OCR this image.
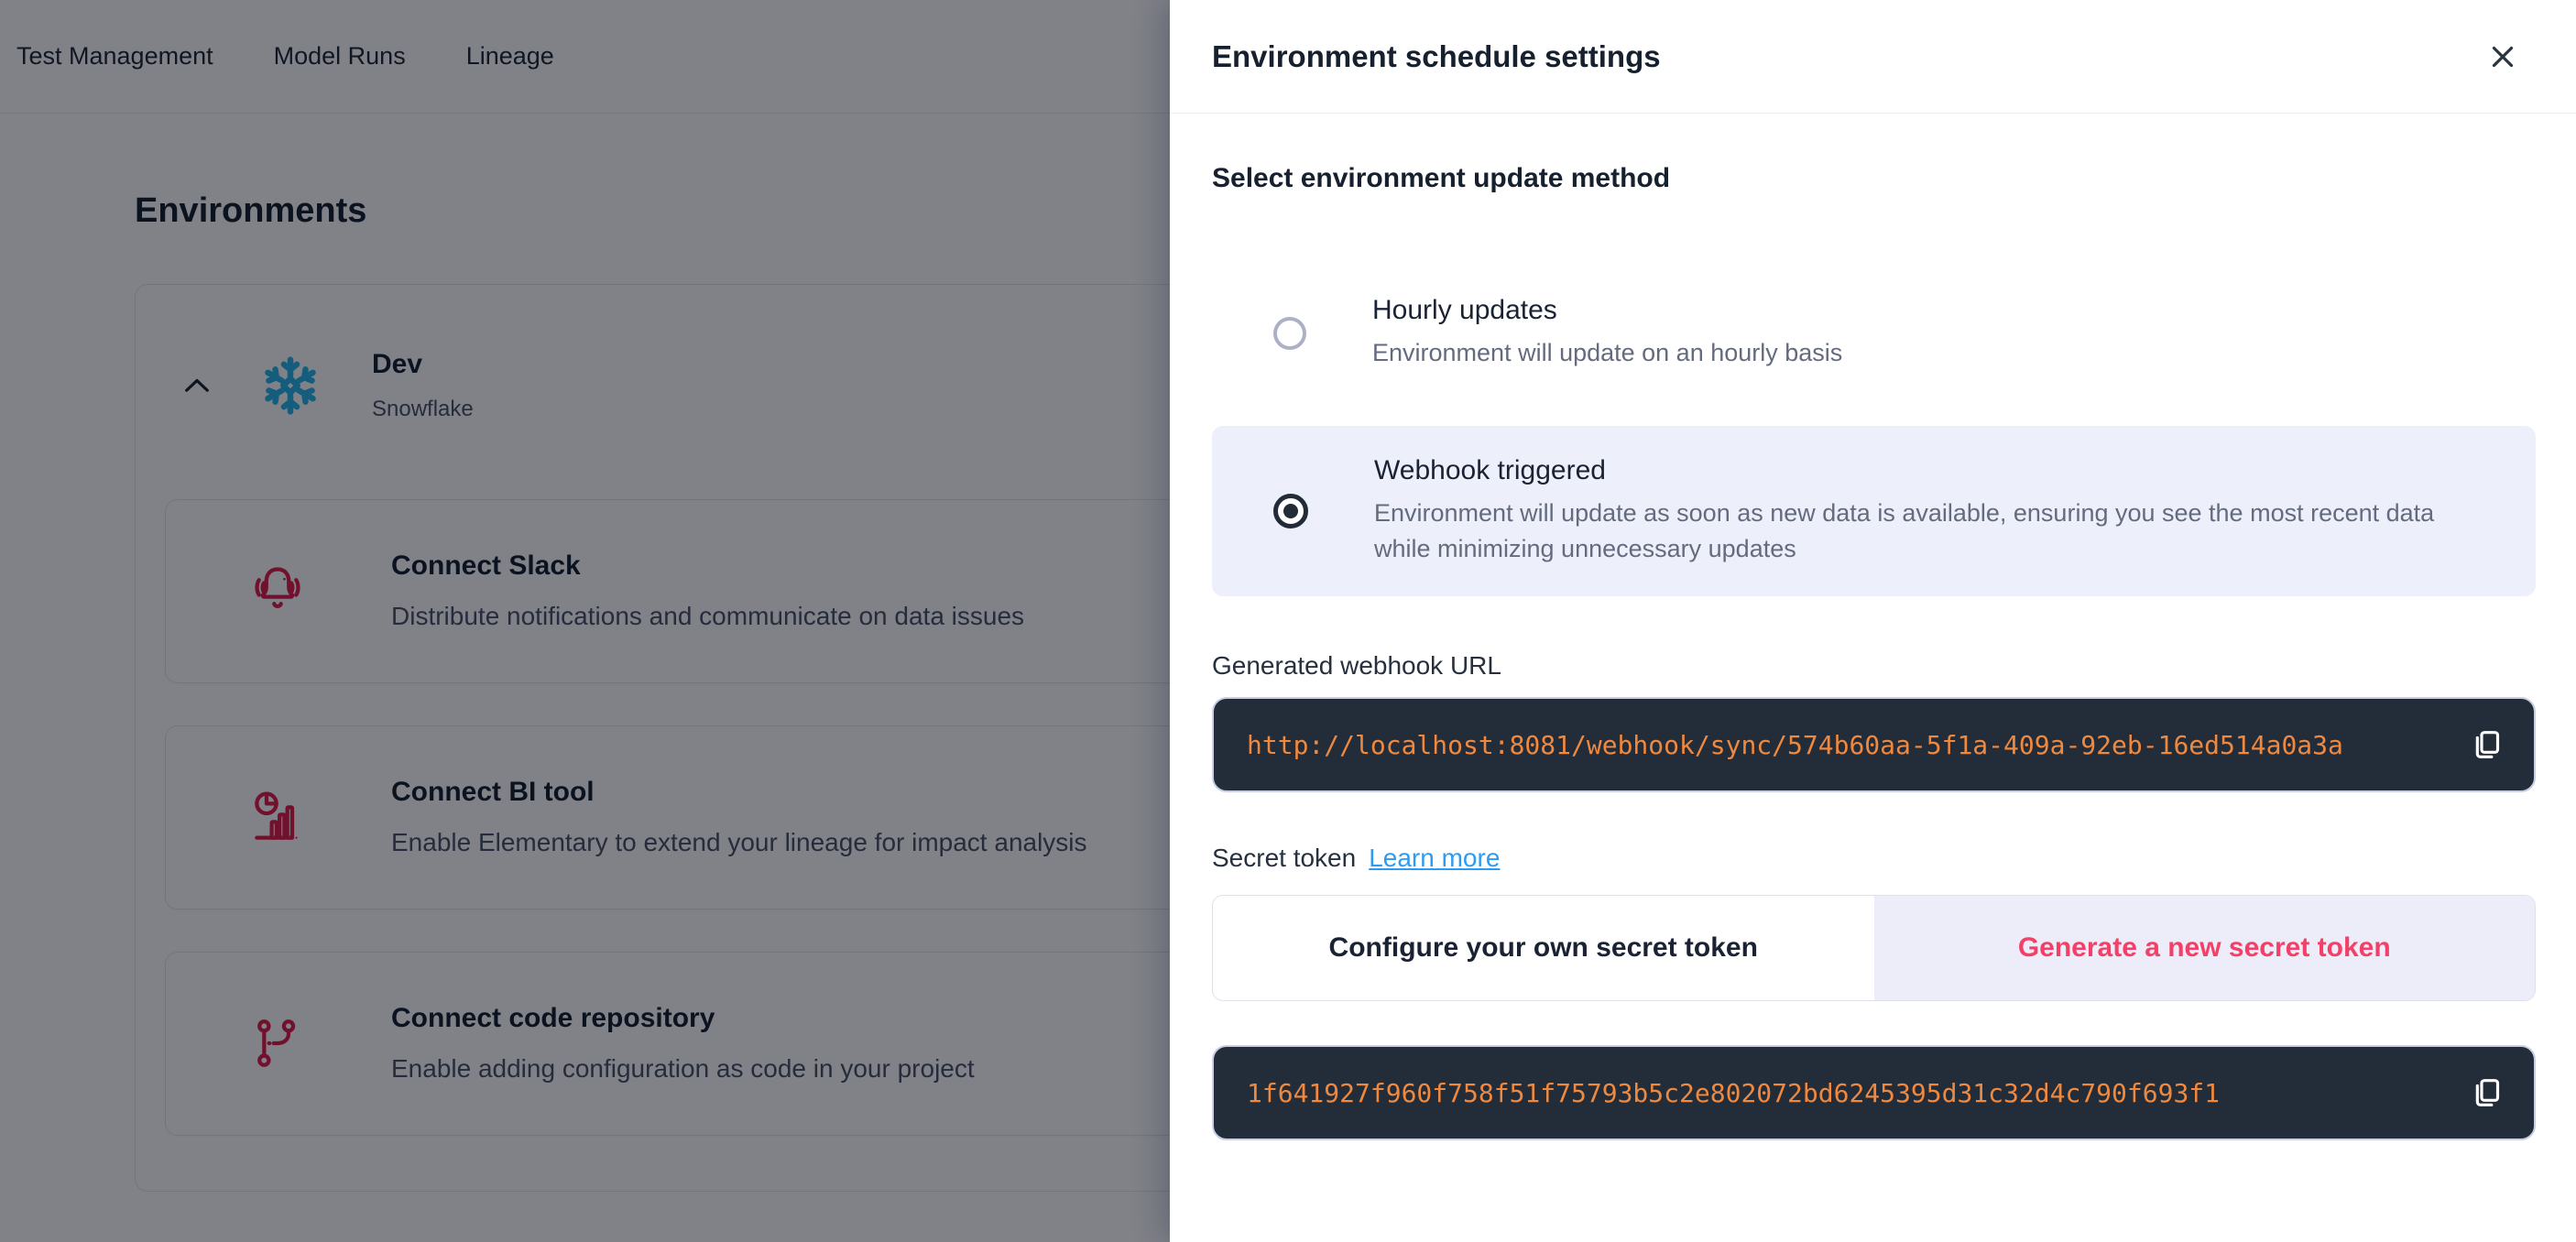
Environment schedule settings
Select environment update method
Hourly updates
Environment will update on an hourly basis
Webhook triggered
Environment will update as soon as new data is available, ensuring you see the most recent data while minimizing unnecessary updates
Generated webhook URL
http://localhost:8081/webhook/sync/574b60aa-5f1a-409a-92eb-16ed514a0a3a
Secret token Learn more
Configure your own secret token	Generate a new secret token
1f641927f960f758f51f75793b5c2e802072bd6245395d31c32d4c790f693f1
